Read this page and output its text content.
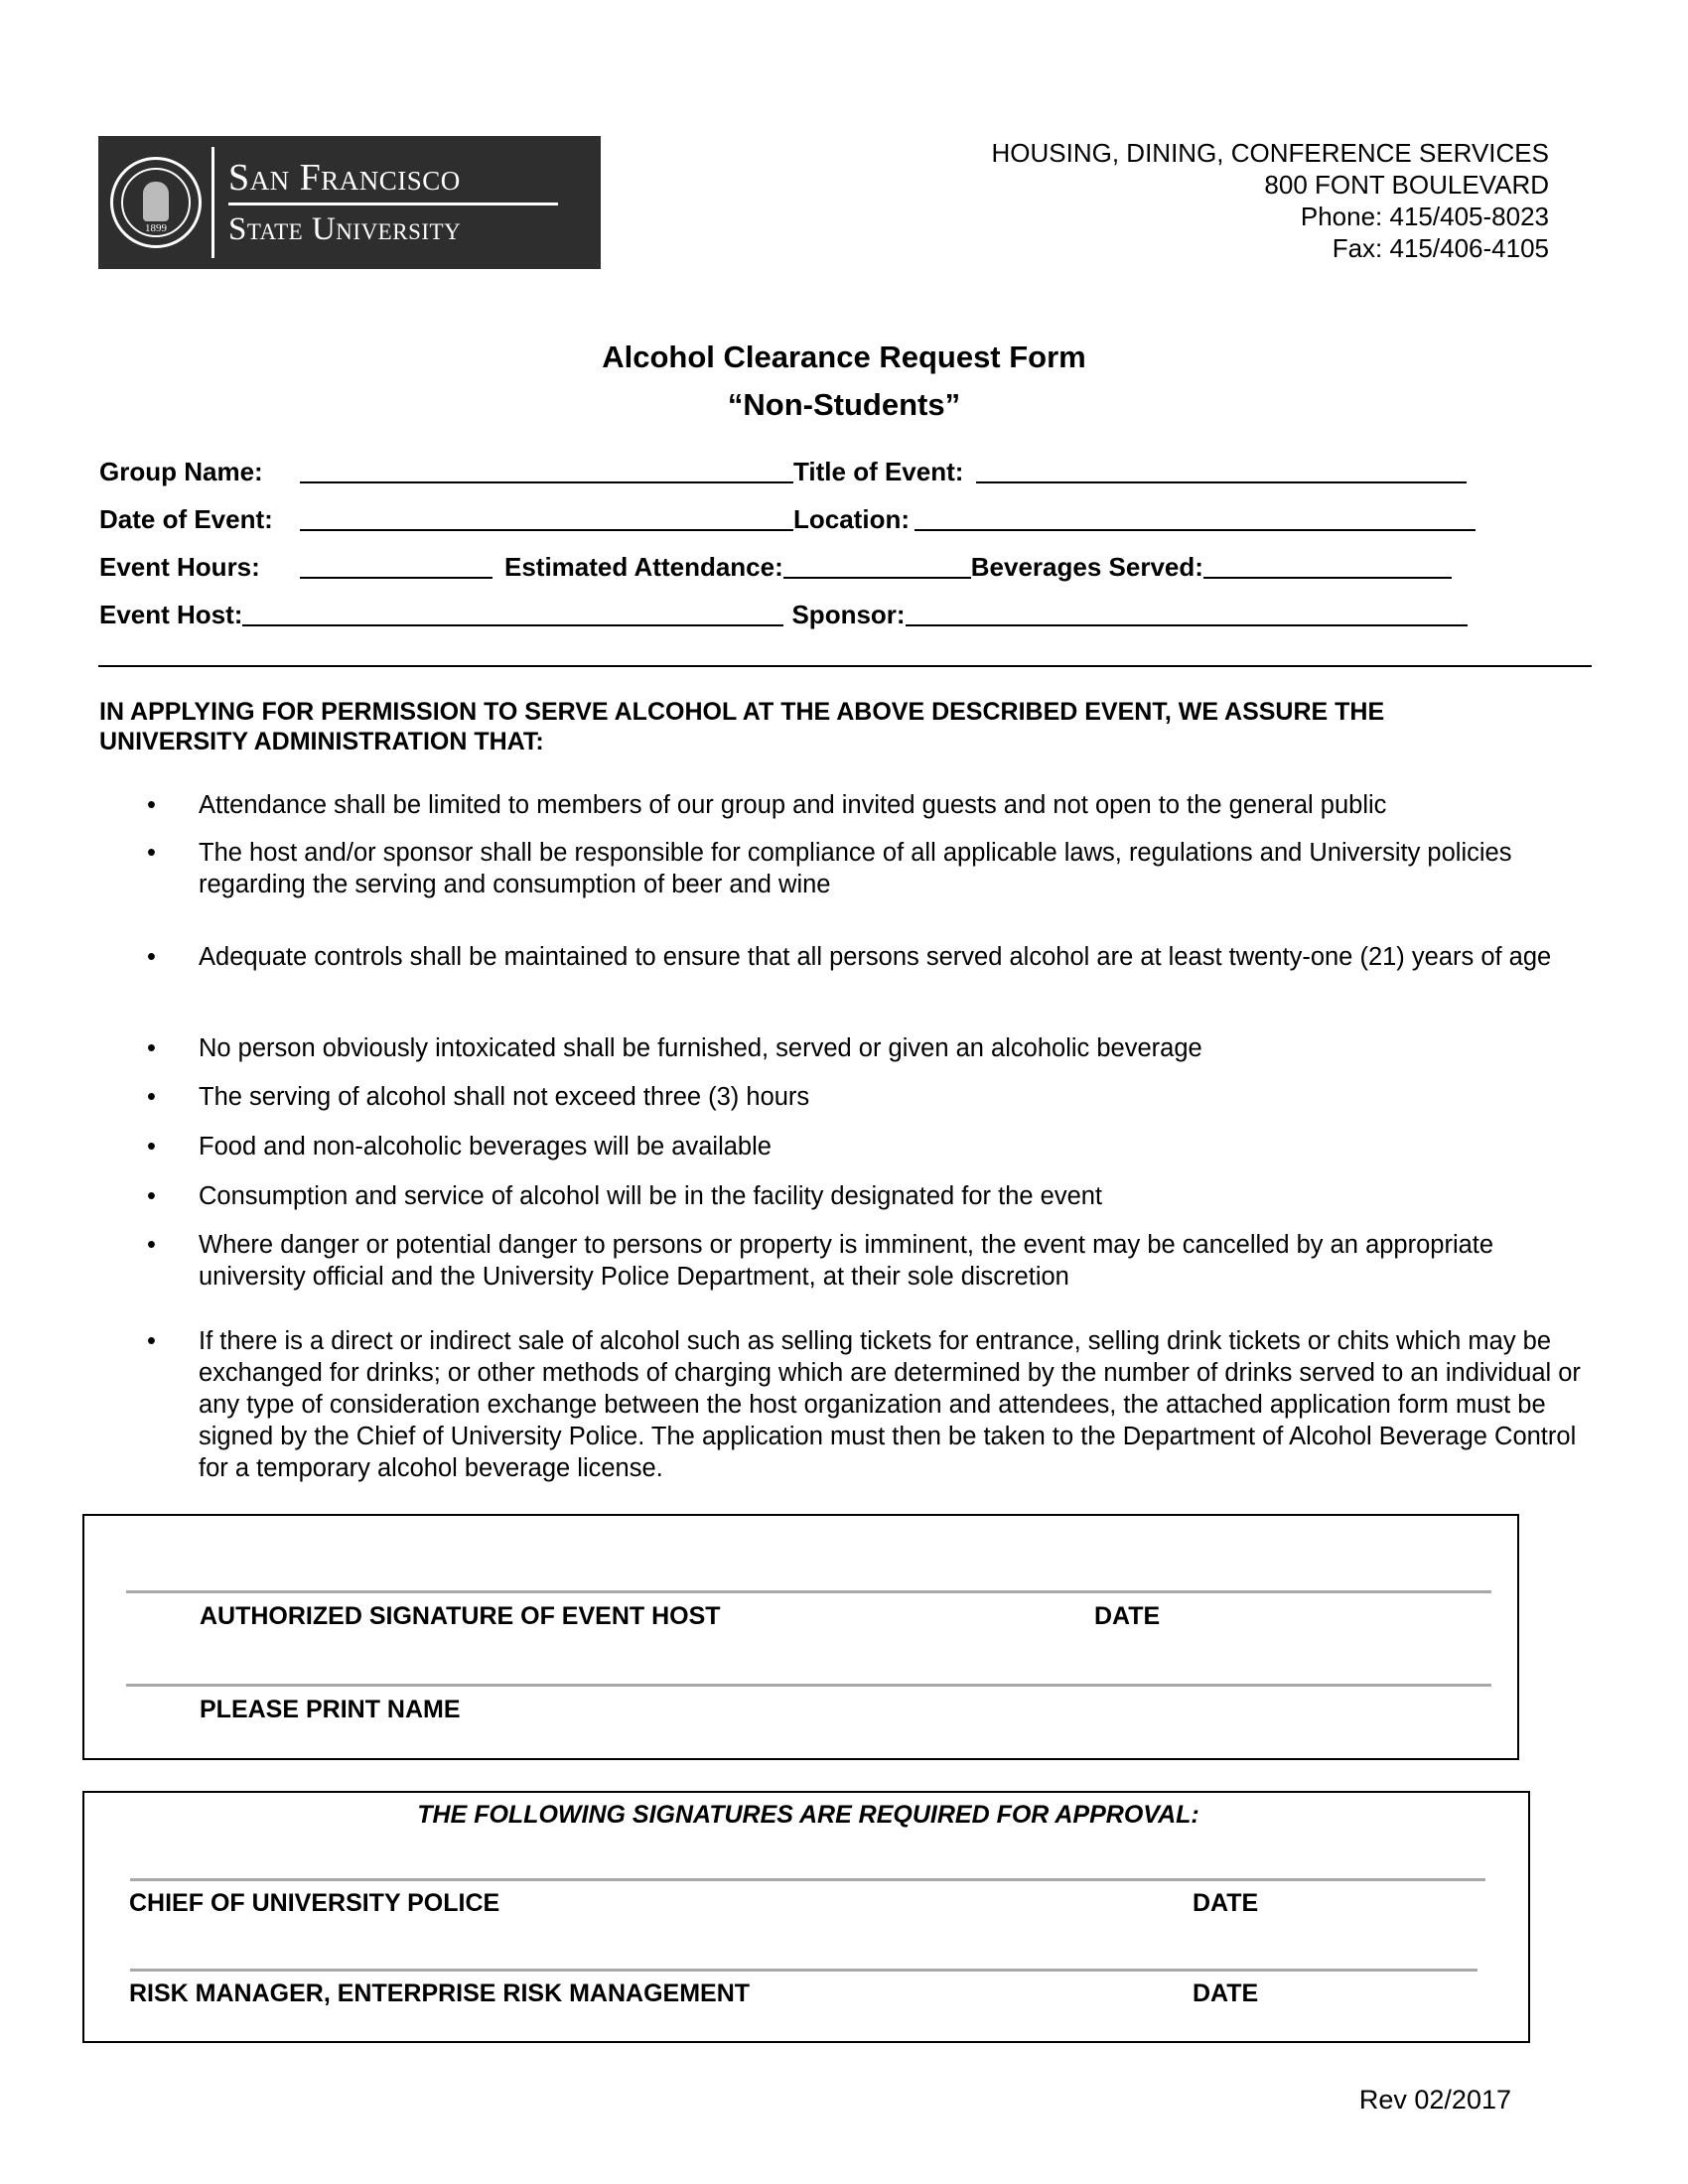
1899
San Francisco
State University
HOUSING, DINING, CONFERENCE SERVICES
800 FONT BOULEVARD
Phone: 415/405-8023
Fax: 415/406-4105
Alcohol Clearance Request Form
“Non-Students”
Group Name:	Title of Event:
Date of Event:	Location:
Event Hours:	Estimated Attendance:	Beverages Served:
Event Host:	Sponsor:
IN APPLYING FOR PERMISSION TO SERVE ALCOHOL AT THE ABOVE DESCRIBED EVENT, WE ASSURE THE
UNIVERSITY ADMINISTRATION THAT:
•	Attendance shall be limited to members of our group and invited guests and not open to the general public
•	The host and/or sponsor shall be responsible for compliance of all applicable laws, regulations and University policies regarding the serving and consumption of beer and wine
•	Adequate controls shall be maintained to ensure that all persons served alcohol are at least twenty-one (21) years of age
•	No person obviously intoxicated shall be furnished, served or given an alcoholic beverage
•	The serving of alcohol shall not exceed three (3) hours
•	Food and non-alcoholic beverages will be available
•	Consumption and service of alcohol will be in the facility designated for the event
•	Where danger or potential danger to persons or property is imminent, the event may be cancelled by an appropriate university official and the University Police Department, at their sole discretion
•	If there is a direct or indirect sale of alcohol such as selling tickets for entrance, selling drink tickets or chits which may be exchanged for drinks; or other methods of charging which are determined by the number of drinks served to an individual or any type of consideration exchange between the host organization and attendees, the attached application form must be signed by the Chief of University Police. The application must then be taken to the Department of Alcohol Beverage Control for a temporary alcohol beverage license.
AUTHORIZED SIGNATURE OF EVENT HOST	DATE
PLEASE PRINT NAME
THE FOLLOWING SIGNATURES ARE REQUIRED FOR APPROVAL:
CHIEF OF UNIVERSITY POLICE	DATE
RISK MANAGER, ENTERPRISE RISK MANAGEMENT	DATE
Rev 02/2017
